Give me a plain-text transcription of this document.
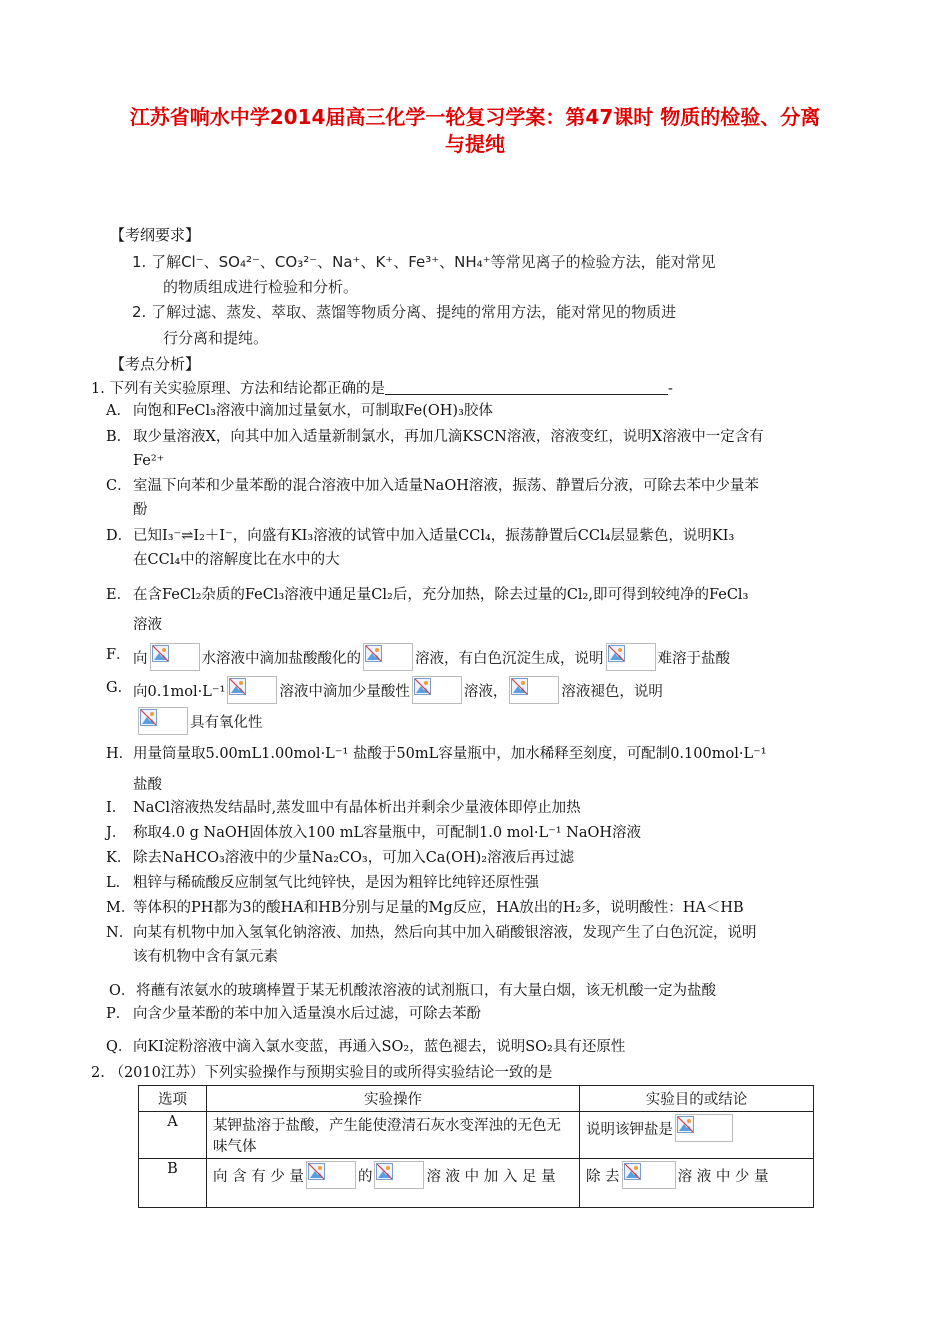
江苏省响水中学2014届高三化学一轮复习学案：第47课时 物质的检验、分离
与提纯
【考纲要求】
1. 了解Cl⁻、SO₄²⁻、CO₃²⁻、Na⁺、K⁺、Fe³⁺、NH₄⁺等常见离子的检验方法，能对常见
的物质组成进行检验和分析。
2. 了解过滤、蒸发、萃取、蒸馏等物质分离、提纯的常用方法，能对常见的物质进
行分离和提纯。
【考点分析】
1. 下列有关实验原理、方法和结论都正确的是	-
A． 向饱和FeCl₃溶液中滴加过量氨水，可制取Fe(OH)₃胶体
B． 取少量溶液X，向其中加入适量新制氯水，再加几滴KSCN溶液，溶液变红，说明X溶液中一定含有
Fe²⁺
C． 室温下向苯和少量苯酚的混合溶液中加入适量NaOH溶液，振荡、静置后分液，可除去苯中少量苯
酚
D． 已知I₃⁻⇌I₂＋I⁻，向盛有KI₃溶液的试管中加入适量CCl₄，振荡静置后CCl₄层显紫色，说明KI₃
在CCl₄中的溶解度比在水中的大
E． 在含FeCl₂杂质的FeCl₃溶液中通足量Cl₂后，充分加热，除去过量的Cl₂,即可得到较纯净的FeCl₃
溶液
F． 向	水溶液中滴加盐酸酸化的	溶液，有白色沉淀生成，说明	难溶于盐酸
G． 向0.1mol·L⁻¹	溶液中滴加少量酸性	溶液，	溶液褪色，说明
具有氧化性
H． 用量筒量取5.00mL1.00mol·L⁻¹ 盐酸于50mL容量瓶中，加水稀释至刻度，可配制0.100mol·L⁻¹
盐酸
I． NaCl溶液热发结晶时,蒸发皿中有晶体析出并剩余少量液体即停止加热
J． 称取4.0 g NaOH固体放入100 mL容量瓶中，可配制1.0 mol·L⁻¹ NaOH溶液
K． 除去NaHCO₃溶液中的少量Na₂CO₃，可加入Ca(OH)₂溶液后再过滤
L． 粗锌与稀硫酸反应制氢气比纯锌快，是因为粗锌比纯锌还原性强
M．
等体积的PH都为3的酸HA和HB分别与足量的Mg反应，HA放出的H₂多，说明酸性：HA＜HB
N． 向某有机物中加入氢氧化钠溶液、加热，然后向其中加入硝酸银溶液，发现产生了白色沉淀，说明
该有机物中含有氯元素
O． 将蘸有浓氨水的玻璃棒置于某无机酸浓溶液的试剂瓶口，有大量白烟，该无机酸一定为盐酸
P． 向含少量苯酚的苯中加入适量溴水后过滤，可除去苯酚
Q． 向KI淀粉溶液中滴入氯水变蓝，再通入SO₂，蓝色褪去，说明SO₂具有还原性
2. （2010江苏）下列实验操作与预期实验目的或所得实验结论一致的是
选项	实验操作	实验目的或结论
A	某钾盐溶于盐酸，产生能使澄清石灰水变浑浊的无色无味气体	说明该钾盐是

B	向 含 有 少 量 的 溶 液 中 加 入 足 量	除 去 溶 液 中 少 量
